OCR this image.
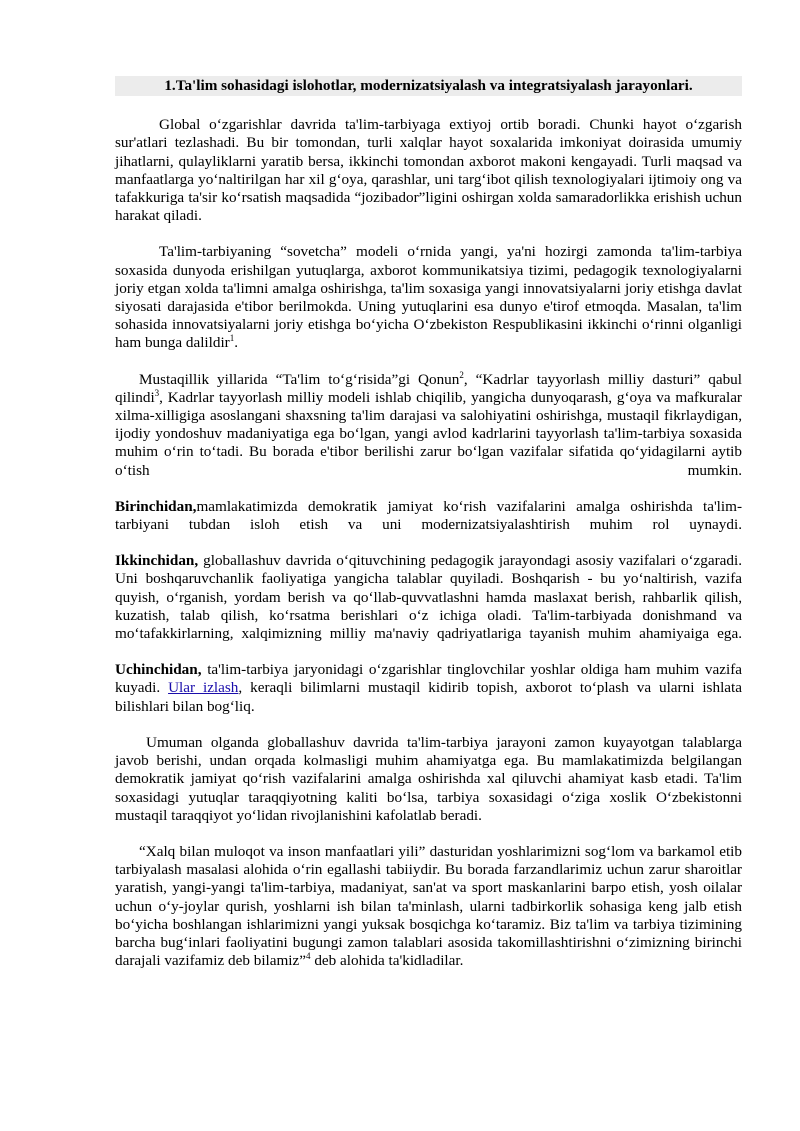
1.Ta'lim sohasidagi islohotlar, modernizatsiyalash va integratsiyalash jarayonlari.

Global o‘zgarishlar davrida ta'lim-tarbiyaga extiyoj ortib boradi. Chunki hayot o‘zgarish sur'atlari tezlashadi. Bu bir tomondan, turli xalqlar hayot soxalarida imkoniyat doirasida umumiy jihatlarni, qulayliklarni yaratib bersa, ikkinchi tomondan axborot makoni kengayadi. Turli maqsad va manfaatlarga yo‘naltirilgan har xil g‘oya, qarashlar, uni targ‘ibot qilish texnologiyalari ijtimoiy ong va tafakkuriga ta'sir ko‘rsatish maqsadida “jozibador”ligini oshirgan xolda samaradorlikka erishish uchun harakat qiladi.

Ta'lim-tarbiyaning “sovetcha” modeli o‘rnida yangi, ya'ni hozirgi zamonda ta'lim-tarbiya soxasida dunyoda erishilgan yutuqlarga, axborot kommunikatsiya tizimi, pedagogik texnologiyalarni joriy etgan xolda ta'limni amalga oshirishga, ta'lim soxasiga yangi innovatsiyalarni joriy etishga davlat siyosati darajasida e'tibor berilmokda. Uning yutuqlarini esa dunyo e'tirof etmoqda. Masalan, ta'lim sohasida innovatsiyalarni joriy etishga bo‘yicha O‘zbekiston Respublikasini ikkinchi o‘rinni olganligi ham bunga dalildir$^1$.

Mustaqillik yillarida “Ta'lim to‘g‘risida”gi Qonun$^2$, “Kadrlar tayyorlash milliy dasturi” qabul qilindi$^3$, Kadrlar tayyorlash milliy modeli ishlab chiqilib, yangicha dunyoqarash, g‘oya va mafkuralar xilma-xilligiga asoslangani shaxsning ta'lim darajasi va salohiyatini oshirishga, mustaqil fikrlaydigan, ijodiy yondoshuv madaniyatiga ega bo‘lgan, yangi avlod kadrlarini tayyorlash ta'lim-tarbiya soxasida muhim o‘rin to‘tadi. Bu borada e'tibor berilishi zarur bo‘lgan vazifalar sifatida qo‘yidagilarni aytib o‘tish mumkin.

Birinchidan,mamlakatimizda demokratik jamiyat ko‘rish vazifalarini amalga oshirishda ta'lim-tarbiyani tubdan isloh etish va uni modernizatsiyalashtirish muhim rol uynaydi.

Ikkinchidan, globallashuv davrida o‘qituvchining pedagogik jarayondagi asosiy vazifalari o‘zgaradi. Uni boshqaruvchanlik faoliyatiga yangicha talablar quyiladi. Boshqarish - bu yo‘naltirish, vazifa quyish, o‘rganish, yordam berish va qo‘llab-quvvatlashni hamda maslaxat berish, rahbarlik qilish, kuzatish, talab qilish, ko‘rsatma berishlari o‘z ichiga oladi. Ta'lim-tarbiyada donishmand va mo‘tafakkirlarning, xalqimizning milliy ma'naviy qadriyatlariga tayanish muhim ahamiyaiga ega.

Uchinchidan, ta'lim-tarbiya jaryonidagi o‘zgarishlar tinglovchilar yoshlar oldiga ham muhim vazifa kuyadi. Ular izlash, keraqli bilimlarni mustaqil kidirib topish, axborot to‘plash va ularni ishlata bilishlari bilan bog‘liq.

Umuman olganda globallashuv davrida ta'lim-tarbiya jarayoni zamon kuyayotgan talablarga javob berishi, undan orqada kolmasligi muhim ahamiyatga ega. Bu mamlakatimizda belgilangan demokratik jamiyat qo‘rish vazifalarini amalga oshirishda xal qiluvchi ahamiyat kasb etadi. Ta'lim soxasidagi yutuqlar taraqqiyotning kaliti bo‘lsa, tarbiya soxasidagi o‘ziga xoslik O‘zbekistonni mustaqil taraqqiyot yo‘lidan rivojlanishini kafolatlab beradi.

“Xalq bilan muloqot va inson manfaatlari yili” dasturidan yoshlarimizni sog‘lom va barkamol etib tarbiyalash masalasi alohida o‘rin egallashi tabiiydir. Bu borada farzandlarimiz uchun zarur sharoitlar yaratish, yangi-yangi ta'lim-tarbiya, madaniyat, san'at va sport maskanlarini barpo etish, yosh oilalar uchun o‘y-joylar qurish, yoshlarni ish bilan ta'minlash, ularni tadbirkorlik sohasiga keng jalb etish bo‘yicha boshlangan ishlarimizni yangi yuksak bosqichga ko‘taramiz. Biz ta'lim va tarbiya tizimining barcha bug‘inlari faoliyatini bugungi zamon talablari asosida takomillashtirishni o‘zimizning birinchi darajali vazifamiz deb bilamiz”$^4$ deb alohida ta'kidladilar.
